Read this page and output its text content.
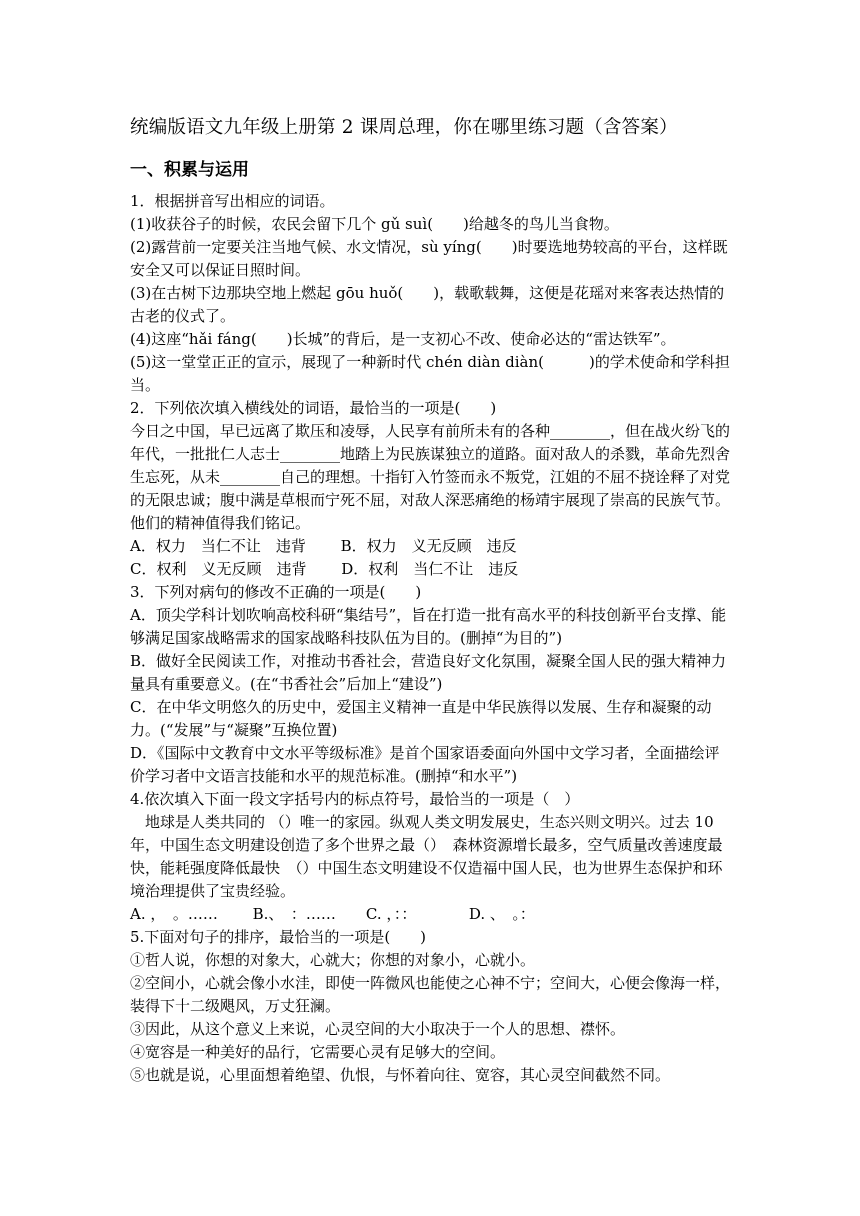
统编版语文九年级上册第 2 课周总理，你在哪里练习题（含答案）
一、积累与运用

1．根据拼音写出相应的词语。

(1)收获谷子的时候，农民会留下几个 gǔ suì(　　)给越冬的鸟儿当食物。

(2)露营前一定要关注当地气候、水文情况，sù yíng(　　)时要选地势较高的平台，这样既安全又可以保证日照时间。

(3)在古树下边那块空地上燃起 gōu huǒ(　　)，载歌载舞，这便是花瑶对来客表达热情的古老的仪式了。

(4)这座“hǎi fáng(　　)长城”的背后，是一支初心不改、使命必达的“雷达铁军”。

(5)这一堂堂正正的宣示，展现了一种新时代 chén diàn diàn(　　　)的学术使命和学科担当。

2．下列依次填入横线处的词语，最恰当的一项是(　　)

今日之中国，早已远离了欺压和凌辱，人民享有前所未有的各种________，但在战火纷飞的年代，一批批仁人志士________地踏上为民族谋独立的道路。面对敌人的杀戮，革命先烈舍生忘死，从未________自己的理想。十指钉入竹签而永不叛党，江姐的不屈不挠诠释了对党的无限忠诚；腹中满是草根而宁死不屈，对敌人深恶痛绝的杨靖宇展现了崇高的民族气节。他们的精神值得我们铭记。

A．权力　当仁不让　违背　　 B．权力　义无反顾　违反

C．权利　义无反顾　违背　　 D．权利　当仁不让　违反

3．下列对病句的修改不正确的一项是(　　)

A．顶尖学科计划吹响高校科研“集结号”，旨在打造一批有高水平的科技创新平台支撑、能够满足国家战略需求的国家战略科技队伍为目的。(删掉“为目的”)

B．做好全民阅读工作，对推动书香社会，营造良好文化氛围，凝聚全国人民的强大精神力量具有重要意义。(在“书香社会”后加上“建设”)

C．在中华文明悠久的历史中，爱国主义精神一直是中华民族得以发展、生存和凝聚的动力。(“发展”与“凝聚”互换位置)

D．《国际中文教育中文水平等级标准》是首个国家语委面向外国中文学习者，全面描绘评价学习者中文语言技能和水平的规范标准。(删掉“和水平”)

4.依次填入下面一段文字括号内的标点符号，最恰当的一项是（　）

地球是人类共同的 （）唯一的家园。纵观人类文明发展史，生态兴则文明兴。过去 10 年，中国生态文明建设创造了多个世界之最（）　森林资源增长最多，空气质量改善速度最快，能耗强度降低最快　（）中国生态文明建设不仅造福中国人民，也为世界生态保护和环境治理提供了宝贵经验。

A. ，　。……　　 B.、　：……　　C. ，：：　　　　D. 、　。：

5.下面对句子的排序，最恰当的一项是(　　)

①哲人说，你想的对象大，心就大；你想的对象小，心就小。

②空间小，心就会像小水洼，即使一阵微风也能使之心神不宁；空间大，心便会像海一样，装得下十二级飓风，万丈狂澜。

③因此，从这个意义上来说，心灵空间的大小取决于一个人的思想、襟怀。

④宽容是一种美好的品行，它需要心灵有足够大的空间。

⑤也就是说，心里面想着绝望、仇恨，与怀着向往、宽容，其心灵空间截然不同。
